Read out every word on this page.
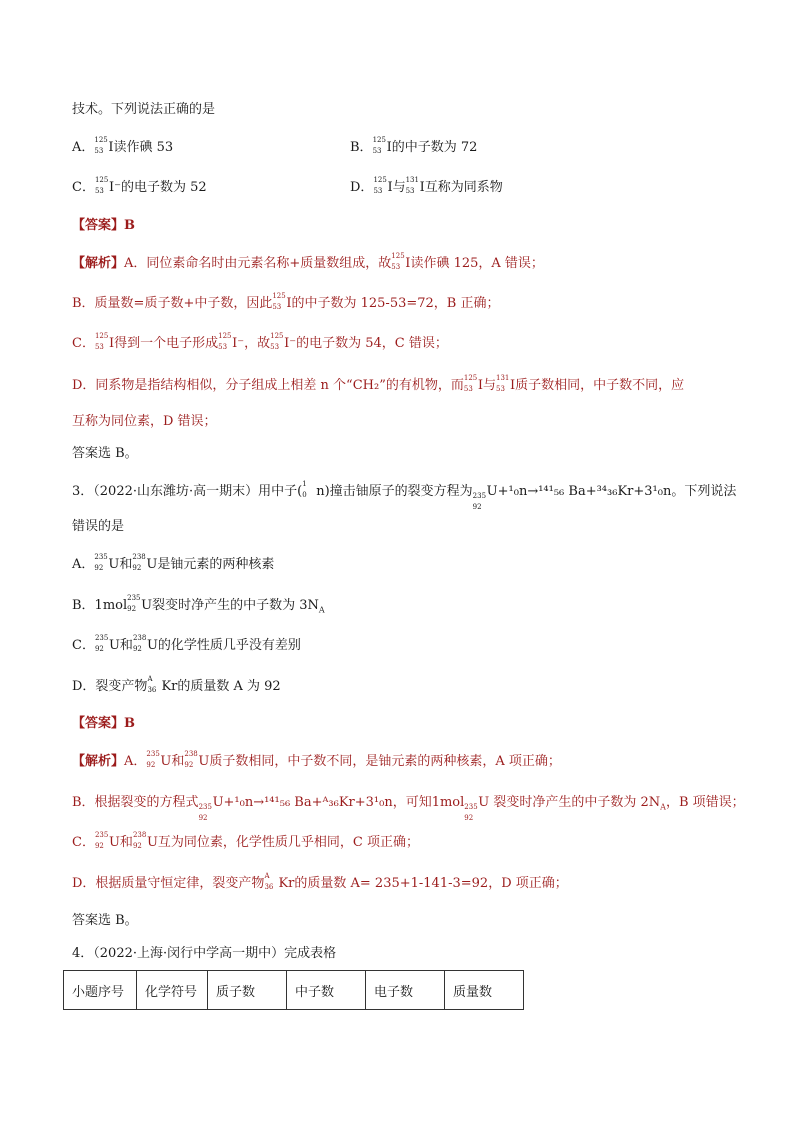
技术。下列说法正确的是
A． 125
53 I读作碘 53	B． 125
53 I的中子数为 72
C． 125
53 I⁻的电子数为 52	D． 125
53 I与 131
53 I互称为同系物
【答案】B
【解析】A．同位素命名时由元素名称+质量数组成，故 125
53 I读作碘 125，A 错误；
B．质量数=质子数+中子数，因此 125
53 I的中子数为 125-53=72，B 正确；
C． 125
53 I得到一个电子形成 125
53 I⁻，故 125
53 I⁻的电子数为 54，C 错误；
D．同系物是指结构相似，分子组成上相差 n 个“CH₂”的有机物，而 125
53 I与 131
53 I质子数相同，中子数不同，应
互称为同位素，D 错误；
答案选 B。
3．（2022·山东潍坊·高一期末）用中子( 1
0 n)撞击铀原子的裂变方程为 235
92
U+¹₀n→¹⁴¹₅₆ Ba+³⁴₃₆Kr+3¹₀n。下列说法
错误的是
A． 235
92 U和 238
92 U是铀元素的两种核素
B．1mol 235
92 U裂变时净产生的中子数为 $3N_A$
C． 235
92 U和 238
92 U的化学性质几乎没有差别
D．裂变产物 A
36 Kr的质量数 A 为 92
【答案】B
【解析】A． 235
92 U和 238
92 U质子数相同，中子数不同，是铀元素的两种核素，A 项正确；
B．根据裂变的方程式 235
92
U+¹₀n→¹⁴¹₅₆ Ba+ᴬ₃₆Kr+3¹₀n，可知1mol 235
92
U 裂变时净产生的中子数为 $2N_A$，B 项错误；
C． 235
92 U和 238
92 U互为同位素，化学性质几乎相同，C 项正确；
D．根据质量守恒定律，裂变产物 A
36 Kr的质量数 A= 235+1-141-3=92，D 项正确；
答案选 B。
4．（2022·上海·闵行中学高一期中）完成表格
小题序号	化学符号	质子数	中子数	电子数	质量数
